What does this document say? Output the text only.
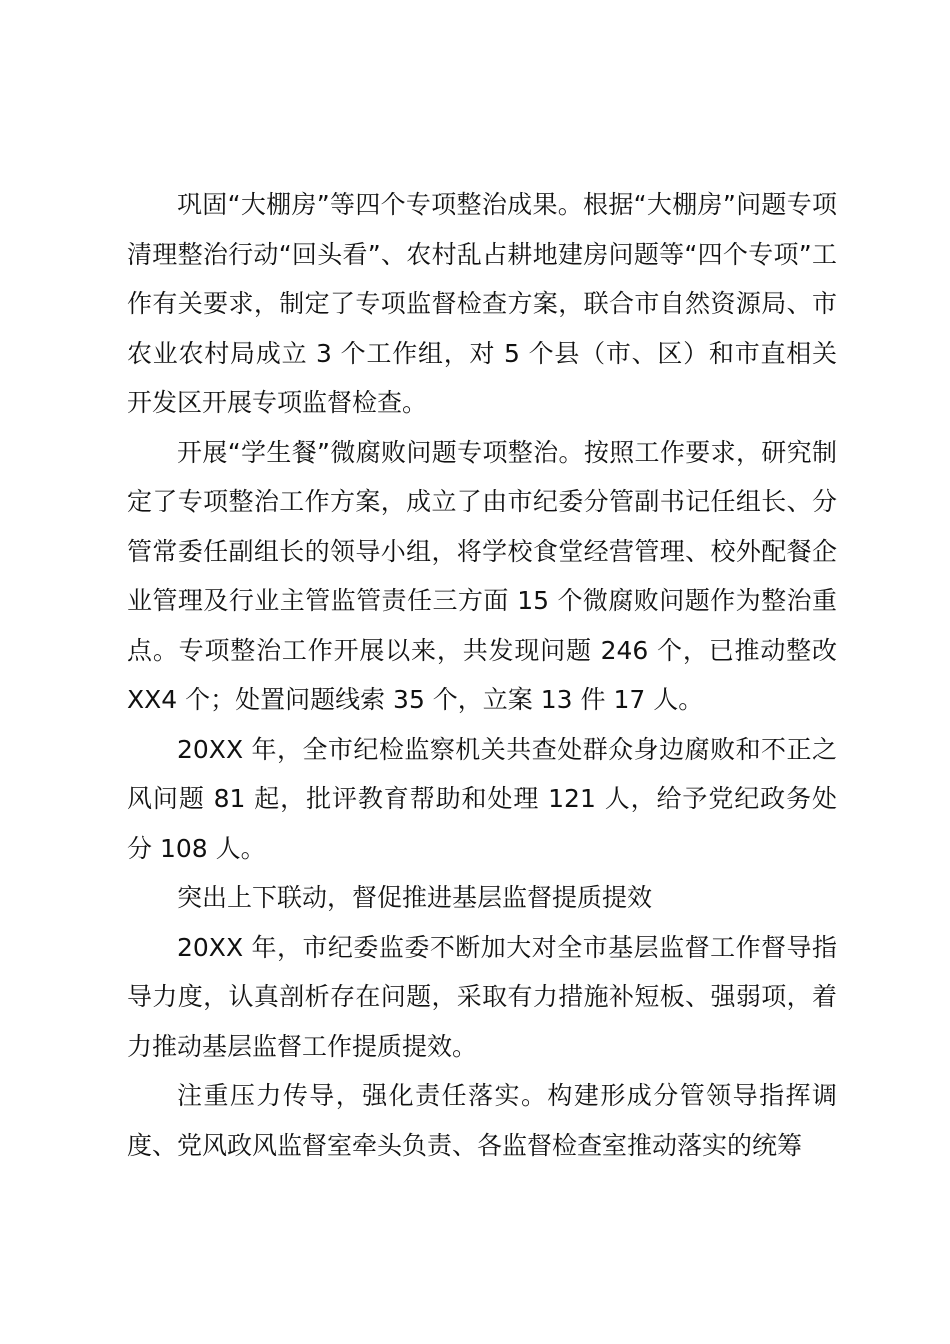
巩固“大棚房”等四个专项整治成果。根据“大棚房”问题专项清理整治行动“回头看”、农村乱占耕地建房问题等“四个专项”工作有关要求，制定了专项监督检查方案，联合市自然资源局、市农业农村局成立 3 个工作组，对 5 个县（市、区）和市直相关开发区开展专项监督检查。

开展“学生餐”微腐败问题专项整治。按照工作要求，研究制定了专项整治工作方案，成立了由市纪委分管副书记任组长、分管常委任副组长的领导小组，将学校食堂经营管理、校外配餐企业管理及行业主管监管责任三方面 15 个微腐败问题作为整治重点。专项整治工作开展以来，共发现问题 246 个，已推动整改 XX4 个；处置问题线索 35 个，立案 13 件 17 人。

20XX 年，全市纪检监察机关共查处群众身边腐败和不正之风问题 81 起，批评教育帮助和处理 121 人，给予党纪政务处分 108 人。

突出上下联动，督促推进基层监督提质提效

20XX 年，市纪委监委不断加大对全市基层监督工作督导指导力度，认真剖析存在问题，采取有力措施补短板、强弱项，着力推动基层监督工作提质提效。

注重压力传导，强化责任落实。构建形成分管领导指挥调度、党风政风监督室牵头负责、各监督检查室推动落实的统筹
